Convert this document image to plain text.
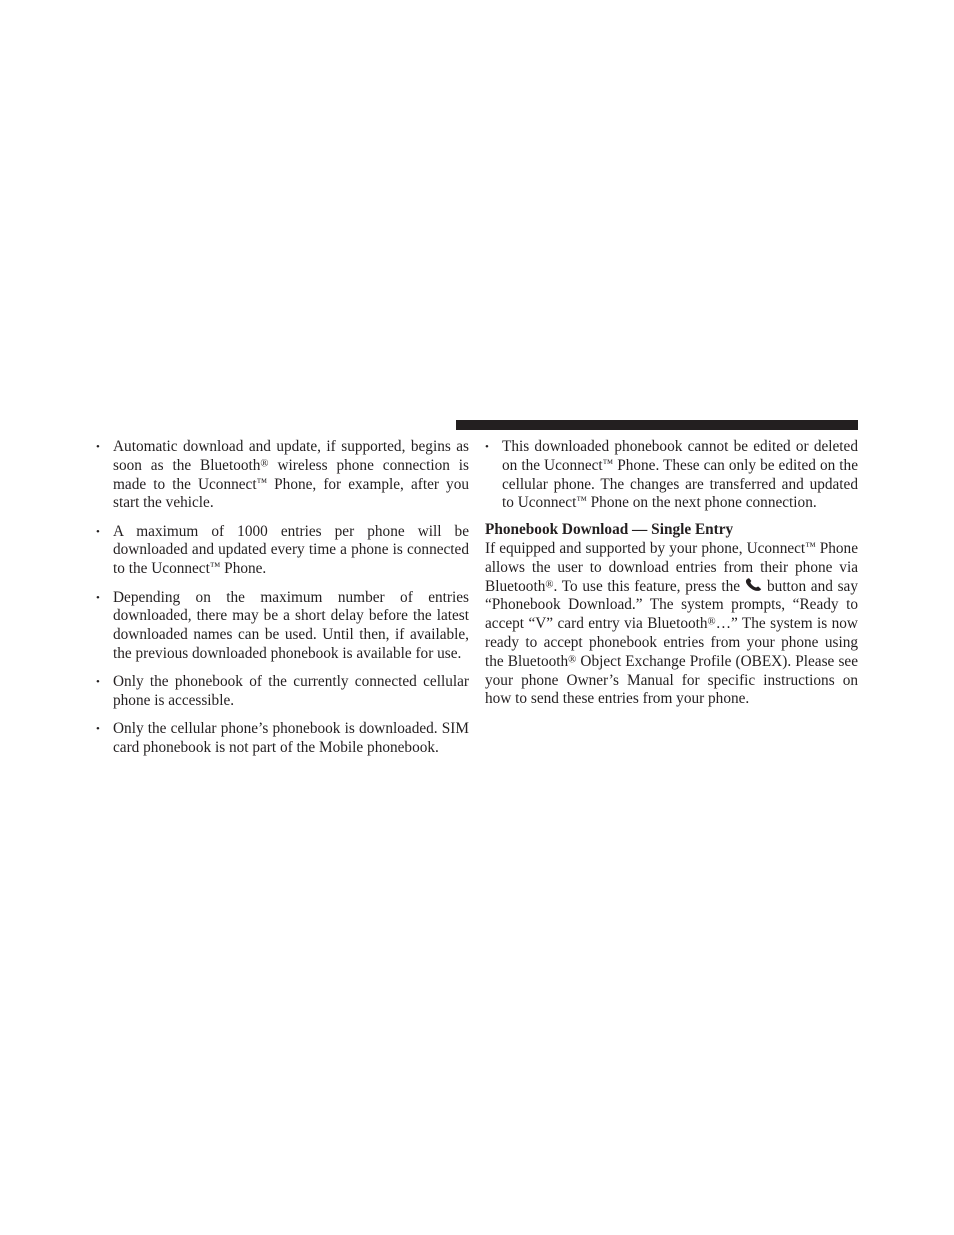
• Automatic download and update, if supported, begins as soon as the Bluetooth® wireless phone connection is made to the Uconnect™ Phone, for example, after you start the vehicle.
• A maximum of 1000 entries per phone will be downloaded and updated every time a phone is connected to the Uconnect™ Phone.
• Depending on the maximum number of entries downloaded, there may be a short delay before the latest downloaded names can be used. Until then, if available, the previous downloaded phonebook is available for use.
• Only the phonebook of the currently connected cellular phone is accessible.
• Only the cellular phone’s phonebook is downloaded. SIM card phonebook is not part of the Mobile phonebook.
• This downloaded phonebook cannot be edited or deleted on the Uconnect™ Phone. These can only be edited on the cellular phone. The changes are transferred and updated to Uconnect™ Phone on the next phone connection.

Phonebook Download — Single Entry

If equipped and supported by your phone, Uconnect™ Phone allows the user to download entries from their phone via Bluetooth®. To use this feature, press the button and say “Phonebook Download.” The system prompts, “Ready to accept “V” card entry via Bluetooth®…” The system is now ready to accept phonebook entries from your phone using the Bluetooth® Object Exchange Profile (OBEX). Please see your phone Owner’s Manual for specific instructions on how to send these entries from your phone.
